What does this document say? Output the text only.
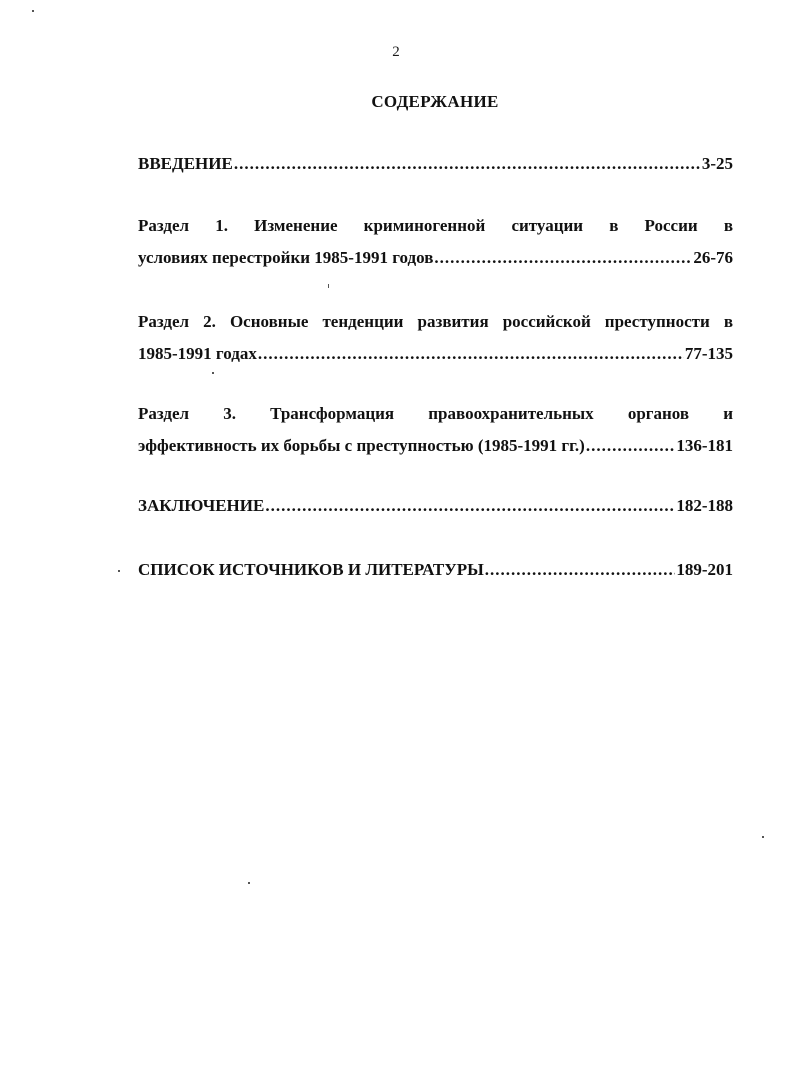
2
СОДЕРЖАНИЕ
ВВЕДЕНИЕ .....	3-25
Раздел 1. Изменение криминогенной ситуации в России в
условиях перестройки 1985-1991 годов .....	26-76
Раздел 2. Основные тенденции развития российской преступности в
1985-1991 годах .....	77-135
Раздел 3. Трансформация правоохранительных органов и
эффективность их борьбы с преступностью (1985-1991 гг.) .....	136-181
ЗАКЛЮЧЕНИЕ .....	182-188
СПИСОК ИСТОЧНИКОВ И ЛИТЕРАТУРЫ .....	189-201
